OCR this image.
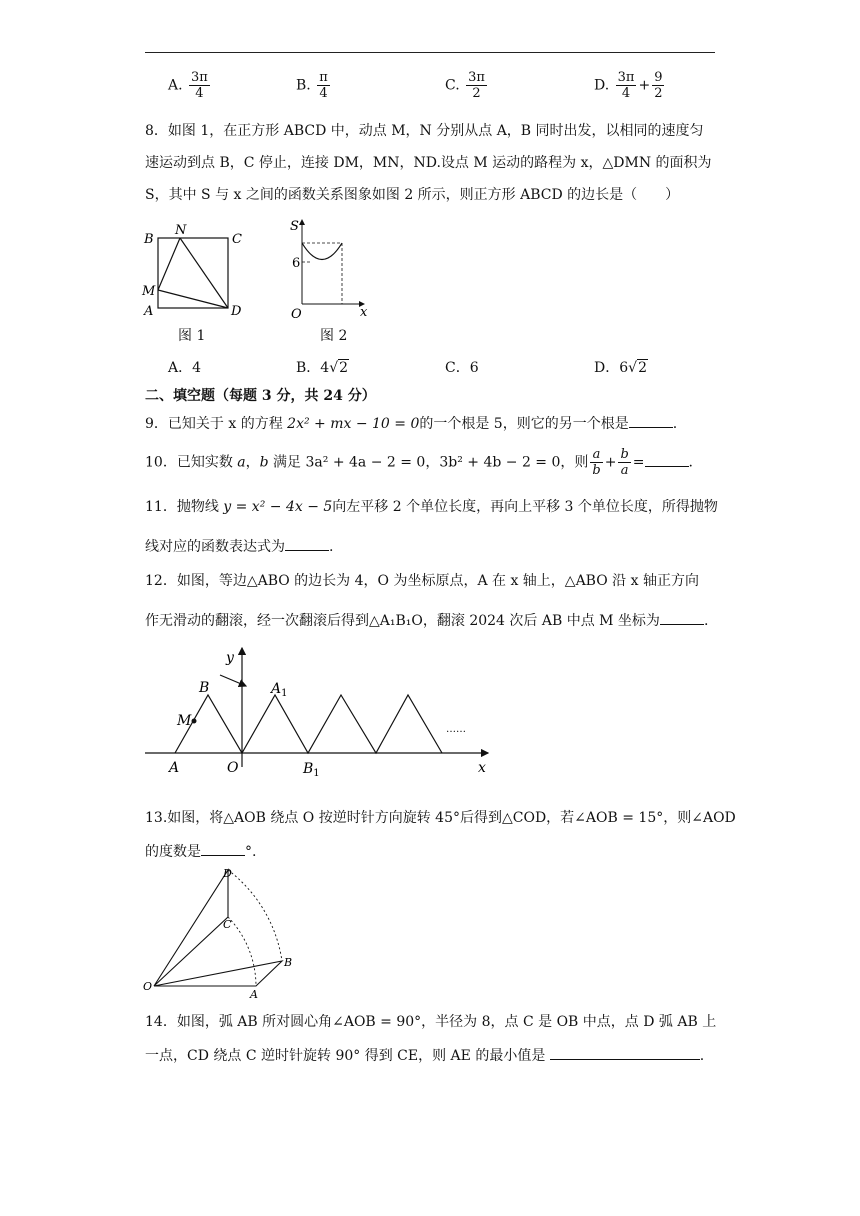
A. $\frac{3\pi}{4}$	B. $\frac{\pi}{4}$	C. $\frac{3\pi}{2}$	D. $\frac{3\pi}{4} + \frac{9}{2}$
8．如图 1，在正方形 ABCD 中，动点 M，N 分别从点 A，B 同时出发，以相同的速度匀
速运动到点 B，C 停止，连接 DM，MN，ND.设点 M 运动的路程为 x，△DMN 的面积为
S，其中 S 与 x 之间的函数关系图象如图 2 所示，则正方形 ABCD 的边长是（　　）
B
N
C
M
A	D
图 1
S
x
O
6
图 2
A．4	B．4√2	C．6	D．6√2
二、填空题（每题 3 分，共 24 分）
9．已知关于 x 的方程 2x² + mx − 10 = 0的一个根是 5，则它的另一个根是	.
10．已知实数 a，b 满足 3a² + 4a − 2 = 0，3b² + 4b − 2 = 0，则 $\frac{a}{b} + \frac{b}{a}$ =	.
11．抛物线 y = x² − 4x − 5向左平移 2 个单位长度，再向上平移 3 个单位长度，所得抛物
线对应的函数表达式为	.
12．如图，等边△ABO 的边长为 4，O 为坐标原点，A 在 x 轴上，△ABO 沿 x 轴正方向
作无滑动的翻滚，经一次翻滚后得到△A₁B₁O，翻滚 2024 次后 AB 中点 M 坐标为	.
y
x
O
A
B
M
$A_1$
$B_1$
……
13.如图，将△AOB 绕点 O 按逆时针方向旋转 45°后得到△COD，若∠AOB = 15°，则∠AOD
的度数是	°.
D
C
B
O
A
14．如图，弧 AB 所对圆心角∠AOB = 90°，半径为 8，点 C 是 OB 中点，点 D 弧 AB 上
一点，CD 绕点 C 逆时针旋转 90° 得到 CE，则 AE 的最小值是	.
